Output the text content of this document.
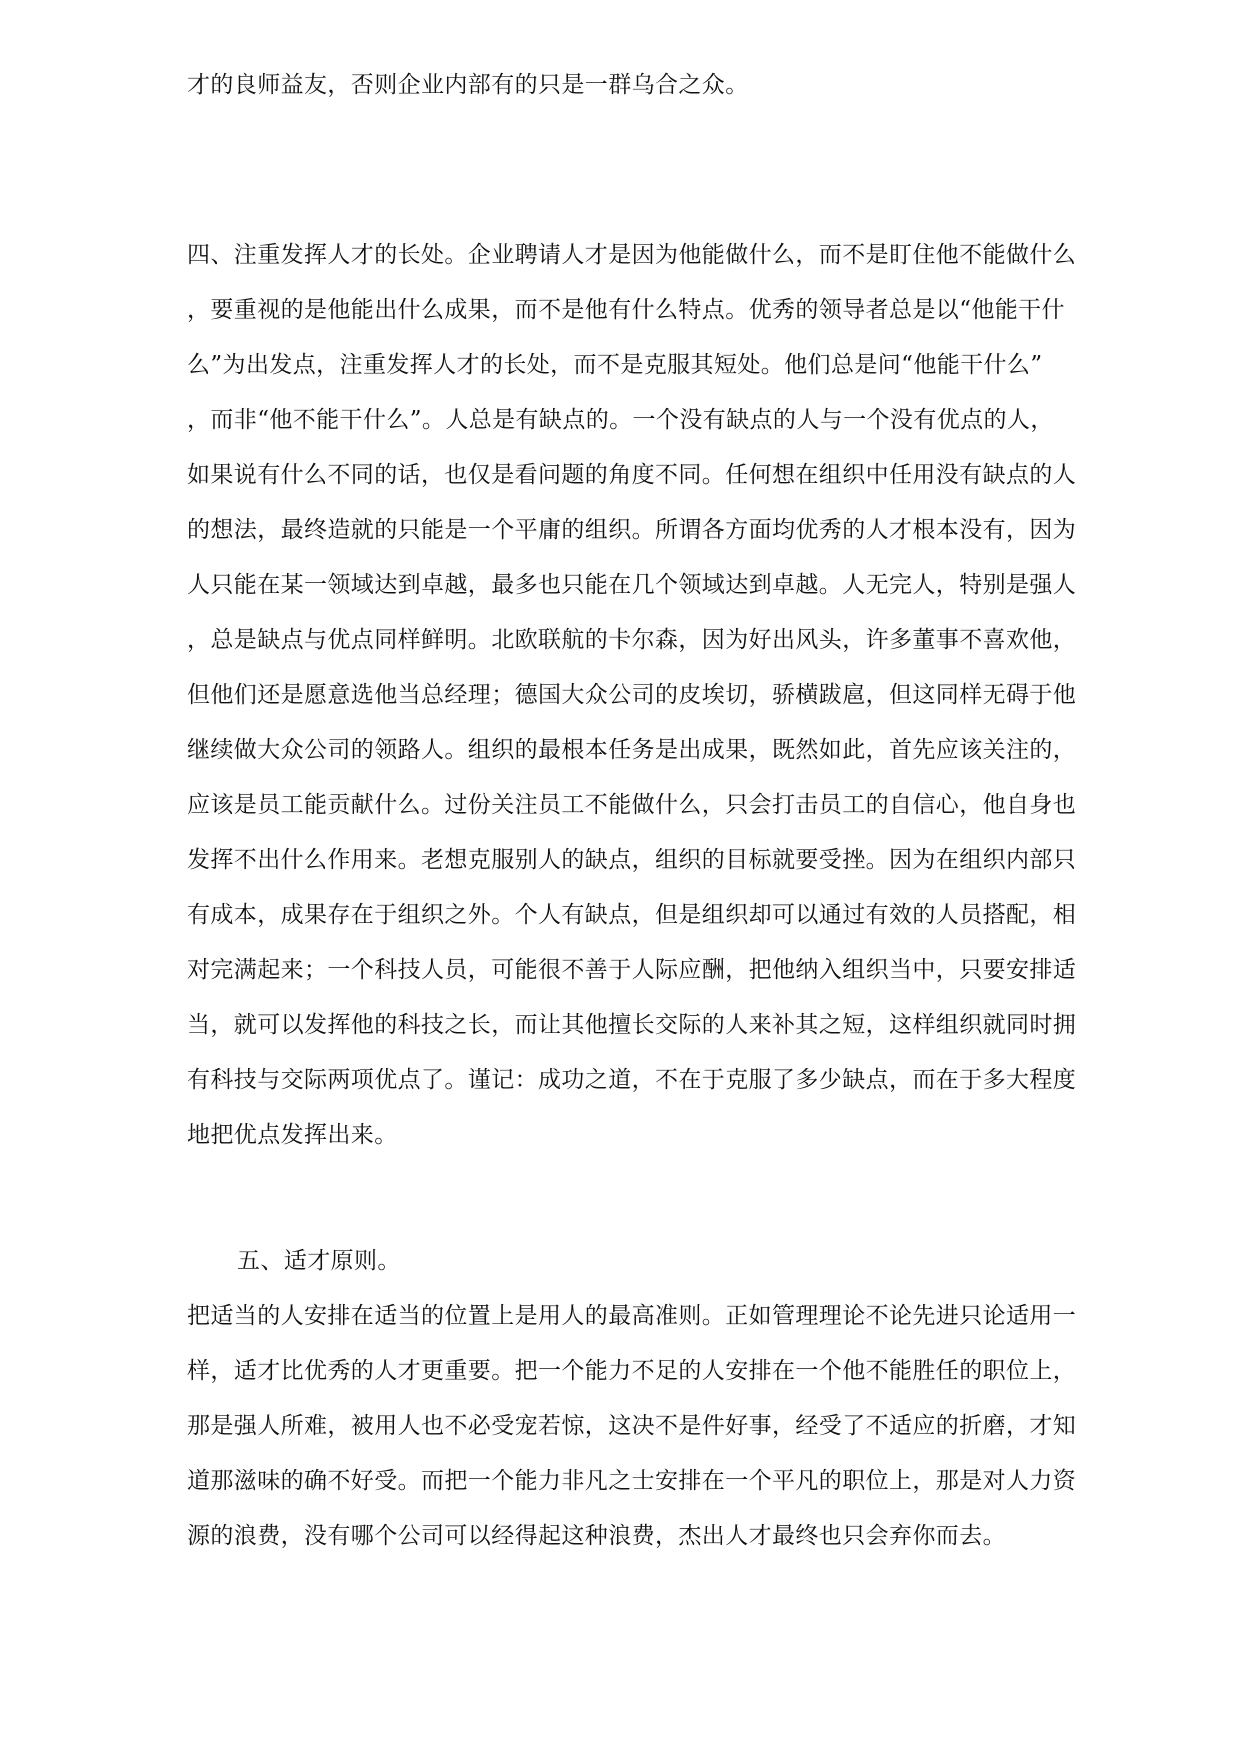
才的良师益友，否则企业内部有的只是一群乌合之众。
四、注重发挥人才的长处。企业聘请人才是因为他能做什么，而不是盯住他不能做什么
，要重视的是他能出什么成果，而不是他有什么特点。优秀的领导者总是以“他能干什
么”为出发点，注重发挥人才的长处，而不是克服其短处。他们总是问“他能干什么”
，而非“他不能干什么”。人总是有缺点的。一个没有缺点的人与一个没有优点的人，
如果说有什么不同的话，也仅是看问题的角度不同。任何想在组织中任用没有缺点的人
的想法，最终造就的只能是一个平庸的组织。所谓各方面均优秀的人才根本没有，因为
人只能在某一领域达到卓越，最多也只能在几个领域达到卓越。人无完人，特别是强人
，总是缺点与优点同样鲜明。北欧联航的卡尔森，因为好出风头，许多董事不喜欢他，
但他们还是愿意选他当总经理；德国大众公司的皮埃切，骄横跋扈，但这同样无碍于他
继续做大众公司的领路人。组织的最根本任务是出成果，既然如此，首先应该关注的，
应该是员工能贡献什么。过份关注员工不能做什么，只会打击员工的自信心，他自身也
发挥不出什么作用来。老想克服别人的缺点，组织的目标就要受挫。因为在组织内部只
有成本，成果存在于组织之外。个人有缺点，但是组织却可以通过有效的人员搭配，相
对完满起来；一个科技人员，可能很不善于人际应酬，把他纳入组织当中，只要安排适
当，就可以发挥他的科技之长，而让其他擅长交际的人来补其之短，这样组织就同时拥
有科技与交际两项优点了。谨记：成功之道，不在于克服了多少缺点，而在于多大程度
地把优点发挥出来。
五、适才原则。
把适当的人安排在适当的位置上是用人的最高准则。正如管理理论不论先进只论适用一
样，适才比优秀的人才更重要。把一个能力不足的人安排在一个他不能胜任的职位上，
那是强人所难，被用人也不必受宠若惊，这决不是件好事，经受了不适应的折磨，才知
道那滋味的确不好受。而把一个能力非凡之士安排在一个平凡的职位上，那是对人力资
源的浪费，没有哪个公司可以经得起这种浪费，杰出人才最终也只会弃你而去。
